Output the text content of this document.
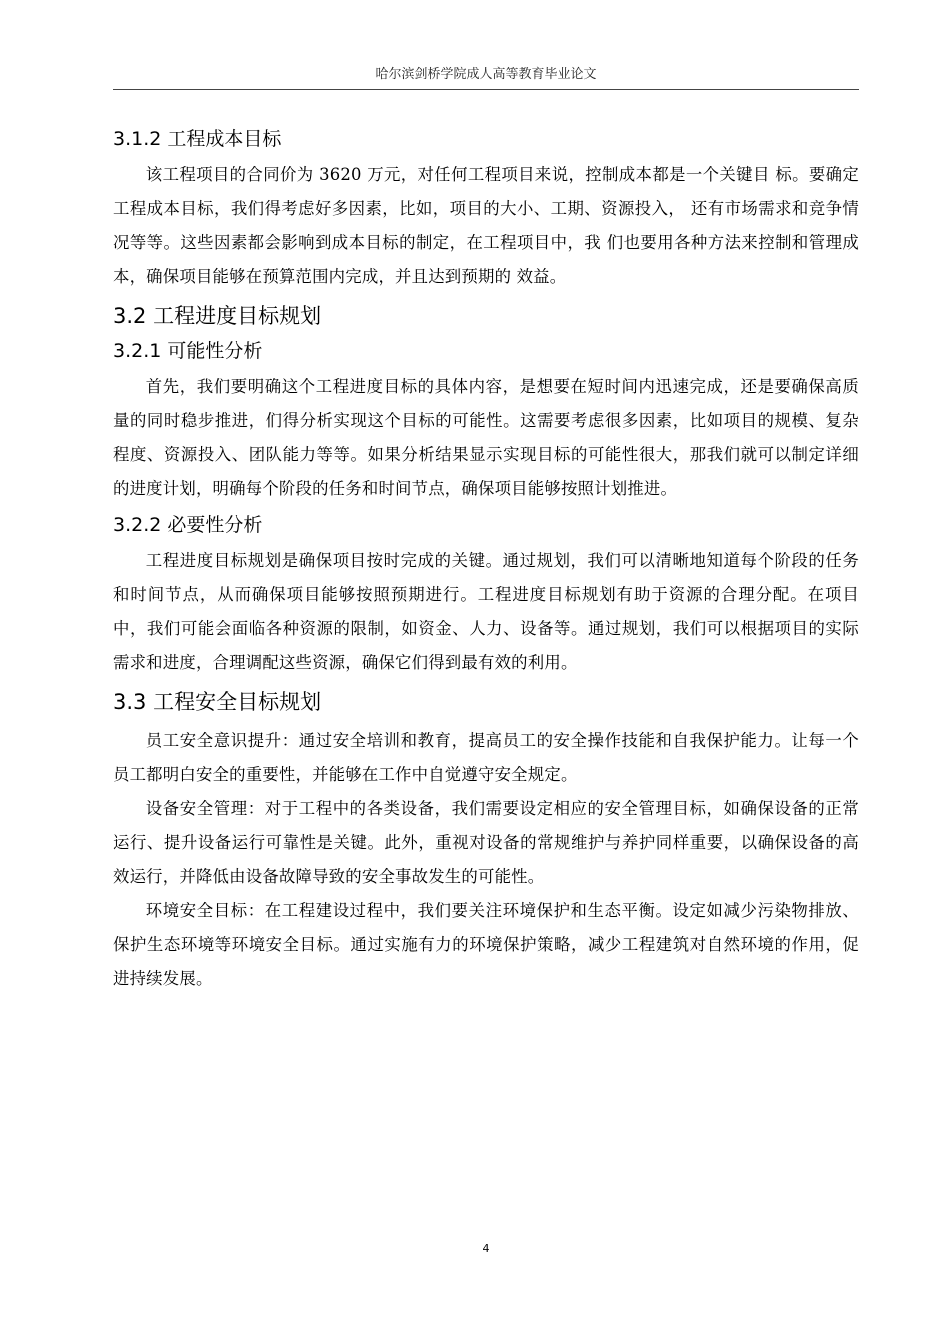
哈尔滨剑桥学院成人高等教育毕业论文
3.1.2 工程成本目标

该工程项目的合同价为 3620 万元，对任何工程项目来说，控制成本都是一个关键目 标。要确定工程成本目标，我们得考虑好多因素，比如，项目的大小、工期、资源投入， 还有市场需求和竞争情况等等。这些因素都会影响到成本目标的制定，在工程项目中，我 们也要用各种方法来控制和管理成本，确保项目能够在预算范围内完成，并且达到预期的 效益。

3.2 工程进度目标规划
3.2.1 可能性分析

首先，我们要明确这个工程进度目标的具体内容，是想要在短时间内迅速完成，还是要确保高质量的同时稳步推进，们得分析实现这个目标的可能性。这需要考虑很多因素，比如项目的规模、复杂程度、资源投入、团队能力等等。如果分析结果显示实现目标的可能性很大，那我们就可以制定详细的进度计划，明确每个阶段的任务和时间节点，确保项目能够按照计划推进。

3.2.2 必要性分析

工程进度目标规划是确保项目按时完成的关键。通过规划，我们可以清晰地知道每个阶段的任务和时间节点，从而确保项目能够按照预期进行。工程进度目标规划有助于资源的合理分配。在项目中，我们可能会面临各种资源的限制，如资金、人力、设备等。通过规划，我们可以根据项目的实际需求和进度，合理调配这些资源，确保它们得到最有效的利用。

3.3 工程安全目标规划

员工安全意识提升：通过安全培训和教育，提高员工的安全操作技能和自我保护能力。让每一个员工都明白安全的重要性，并能够在工作中自觉遵守安全规定。

设备安全管理：对于工程中的各类设备，我们需要设定相应的安全管理目标，如确保设备的正常运行、提升设备运行可靠性是关键。此外，重视对设备的常规维护与养护同样重要，以确保设备的高效运行，并降低由设备故障导致的安全事故发生的可能性。

环境安全目标：在工程建设过程中，我们要关注环境保护和生态平衡。设定如减少污染物排放、保护生态环境等环境安全目标。通过实施有力的环境保护策略，减少工程建筑对自然环境的作用，促进持续发展。

4
